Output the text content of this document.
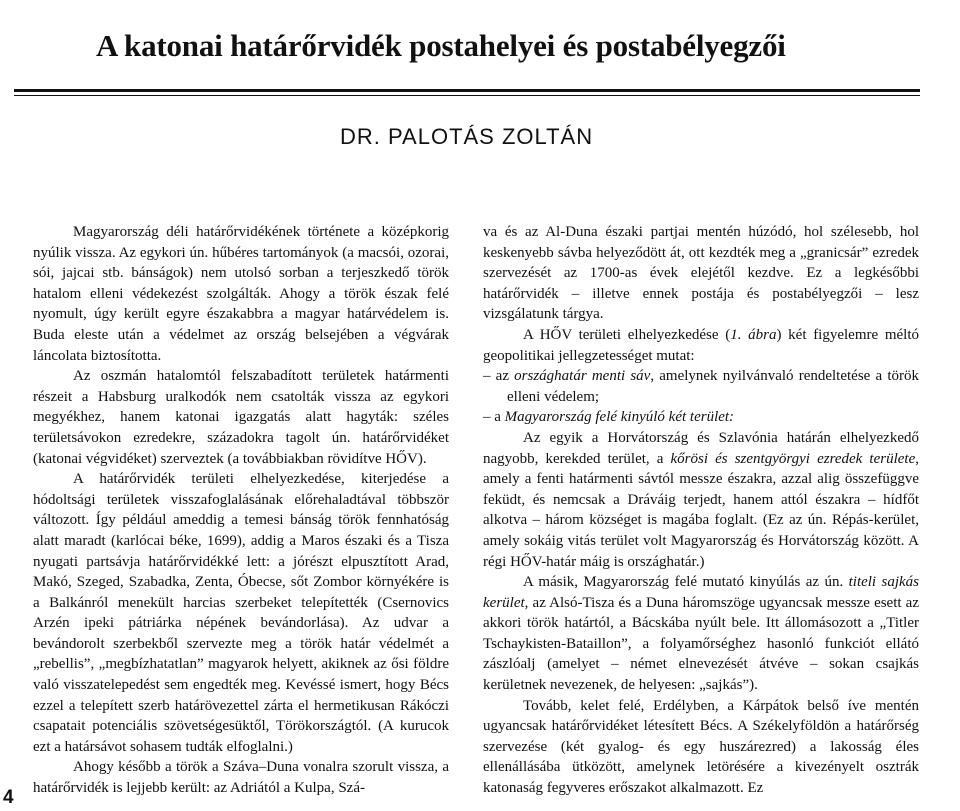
A katonai határőrvidék postahelyei és postabélyegzői
DR. PALOTÁS ZOLTÁN

Magyarország déli határőrvidékének története a középkorig nyúlik vissza. Az egykori ún. hűbéres tartományok (a macsói, ozorai, sói, jajcai stb. bánságok) nem utolsó sorban a terjeszkedő török hatalom elleni védekezést szolgálták. Ahogy a török észak felé nyomult, úgy került egyre északabbra a magyar határvédelem is. Buda eleste után a védelmet az ország belsejében a végvárak láncolata biztosította.

Az oszmán hatalomtól felszabadított területek határmenti részeit a Habsburg uralkodók nem csatolták vissza az egykori megyékhez, hanem katonai igazgatás alatt hagyták: széles területsávokon ezredekre, századokra tagolt ún. határőrvidéket (katonai végvidéket) szerveztek (a továbbiakban rövidítve HŐV).

A határőrvidék területi elhelyezkedése, kiterjedése a hódoltsági területek visszafoglalásának előrehaladtával többször változott. Így például ameddig a temesi bánság török fennhatóság alatt maradt (karlócai béke, 1699), addig a Maros északi és a Tisza nyugati partsávja határőrvidékké lett: a jórészt elpusztított Arad, Makó, Szeged, Szabadka, Zenta, Óbecse, sőt Zombor környékére is a Balkánról menekült harcias szerbeket telepítették (Csernovics Arzén ipeki pátriárka népének bevándorlása). Az udvar a bevándorolt szerbekből szervezte meg a török határ védelmét a „rebellis”, „megbízhatatlan” magyarok helyett, akiknek az ősi földre való visszatelepedést sem engedték meg. Kevéssé ismert, hogy Bécs ezzel a telepített szerb határövezettel zárta el hermetikusan Rákóczi csapatait potenciális szövetségesüktől, Törökországtól. (A kurucok ezt a határsávot sohasem tudták elfoglalni.)

Ahogy később a török a Száva–Duna vonalra szorult vissza, a határőrvidék is lejjebb került: az Adriától a Kulpa, Szá-

va és az Al-Duna északi partjai mentén húzódó, hol szélesebb, hol keskenyebb sávba helyeződött át, ott kezdték meg a „granicsár” ezredek szervezését az 1700-as évek elejétől kezdve. Ez a legkésőbbi határőrvidék – illetve ennek postája és postabélyegzői – lesz vizsgálatunk tárgya.

A HŐV területi elhelyezkedése (1. ábra) két figyelemre méltó geopolitikai jellegzetességet mutat:

– az országhatár menti sáv, amelynek nyilvánvaló rendeltetése a török elleni védelem;

– a Magyarország felé kinyúló két terület:

Az egyik a Horvátország és Szlavónia határán elhelyezkedő nagyobb, kerekded terület, a kőrösi és szentgyörgyi ezredek területe, amely a fenti határmenti sávtól messze északra, azzal alig összefüggve feküdt, és nemcsak a Dráváig terjedt, hanem attól északra – hídfőt alkotva – három községet is magába foglalt. (Ez az ún. Répás-kerület, amely sokáig vitás terület volt Magyarország és Horvátország között. A régi HŐV-határ máig is országhatár.)

A másik, Magyarország felé mutató kinyúlás az ún. titeli sajkás kerület, az Alsó-Tisza és a Duna háromszöge ugyancsak messze esett az akkori török határtól, a Bácskába nyúlt bele. Itt állomásozott a „Titler Tschaykisten-Bataillon”, a folyamőrséghez hasonló funkciót ellátó zászlóalj (amelyet – német elnevezését átvéve – sokan csajkás kerületnek nevezenek, de helyesen: „sajkás”).

Tovább, kelet felé, Erdélyben, a Kárpátok belső íve mentén ugyancsak határőrvidéket létesített Bécs. A Székelyföldön a határőrség szervezése (két gyalog- és egy huszárezred) a lakosság éles ellenállásába ütközött, amelynek letörésére a kivezényelt osztrák katonaság fegyveres erőszakot alkalmazott. Ez

4
